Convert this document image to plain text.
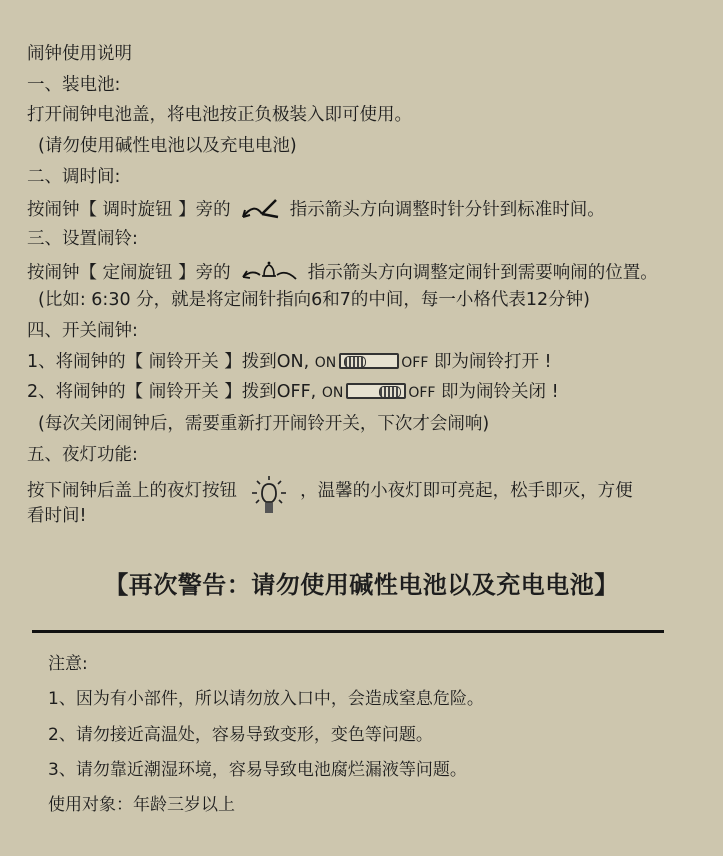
闹钟使用说明
一、装电池:
打开闹钟电池盖，将电池按正负极装入即可使用。
(请勿使用碱性电池以及充电电池)
二、调时间:
按闹钟【 调时旋钮 】旁的	指示箭头方向调整时针分针到标准时间。
三、设置闹铃:
按闹钟【 定闹旋钮 】旁的	指示箭头方向调整定闹针到需要响闹的位置。
(比如: 6:30 分，就是将定闹针指向6和7的中间，每一小格代表12分钟)
四、开关闹钟:
1、将闹钟的【 闹铃开关 】拨到ON, ON	OFF 即为闹铃打开 !
2、将闹钟的【 闹铃开关 】拨到OFF, ON	OFF 即为闹铃关闭 !
(每次关闭闹钟后，需要重新打开闹铃开关，下次才会闹响)
五、夜灯功能:
按下闹钟后盖上的夜灯按钮	，温馨的小夜灯即可亮起，松手即灭，方便
看时间!
【再次警告：请勿使用碱性电池以及充电电池】
注意:
1、因为有小部件，所以请勿放入口中，会造成窒息危险。
2、请勿接近高温处，容易导致变形，变色等问题。
3、请勿靠近潮湿环境，容易导致电池腐烂漏液等问题。
使用对象：年龄三岁以上
